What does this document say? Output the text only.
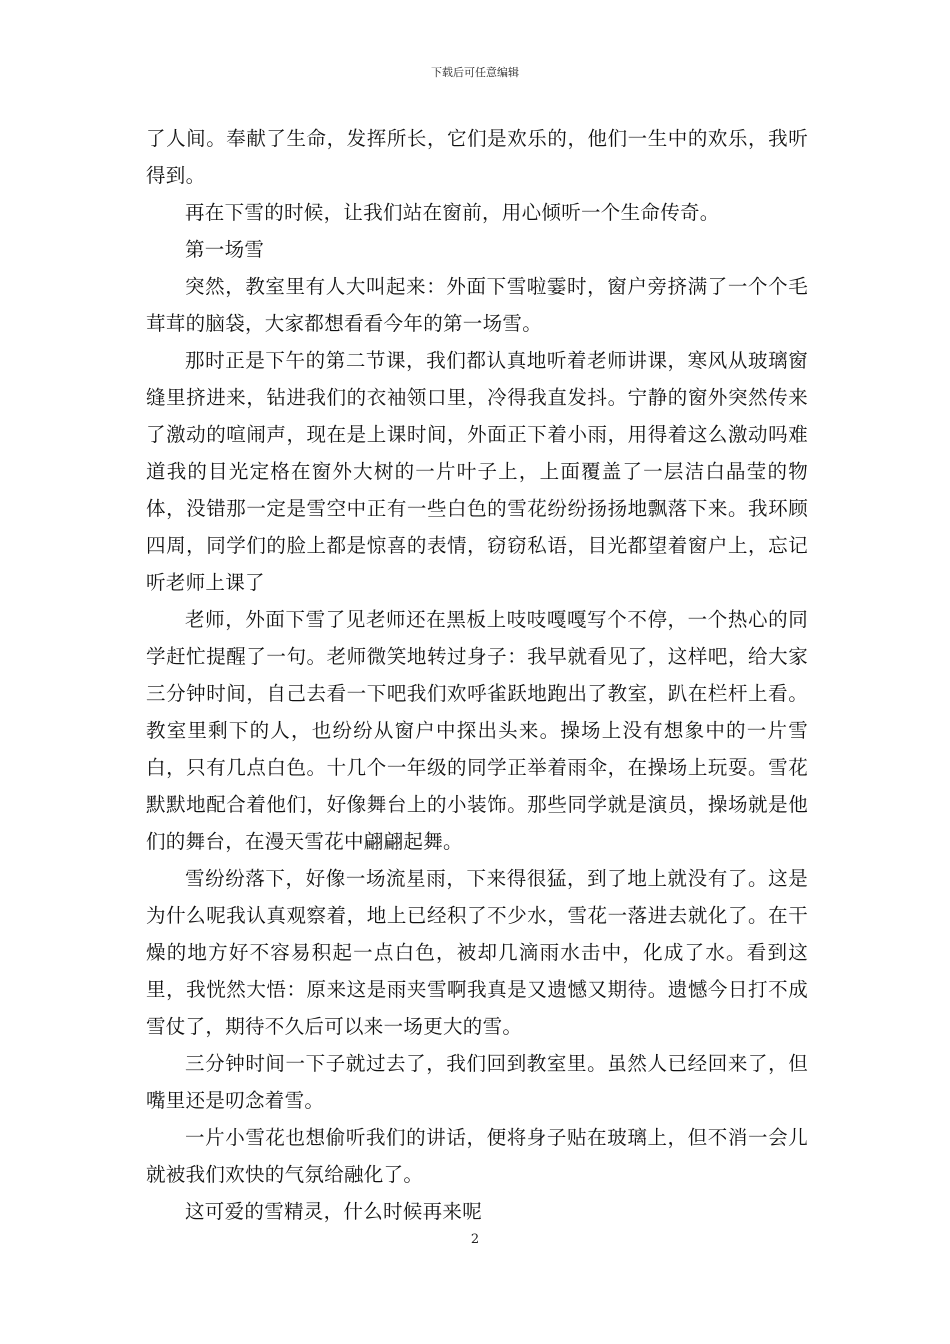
下载后可任意编辑

了人间。奉献了生命，发挥所长，它们是欢乐的，他们一生中的欢乐，我听得到。

再在下雪的时候，让我们站在窗前，用心倾听一个生命传奇。

第一场雪

突然，教室里有人大叫起来：外面下雪啦霎时，窗户旁挤满了一个个毛茸茸的脑袋，大家都想看看今年的第一场雪。

那时正是下午的第二节课，我们都认真地听着老师讲课，寒风从玻璃窗缝里挤进来，钻进我们的衣袖领口里，冷得我直发抖。宁静的窗外突然传来了激动的喧闹声，现在是上课时间，外面正下着小雨，用得着这么激动吗难道我的目光定格在窗外大树的一片叶子上，上面覆盖了一层洁白晶莹的物体，没错那一定是雪空中正有一些白色的雪花纷纷扬扬地飘落下来。我环顾四周，同学们的脸上都是惊喜的表情，窃窃私语，目光都望着窗户上，忘记听老师上课了

老师，外面下雪了见老师还在黑板上吱吱嘎嘎写个不停，一个热心的同学赶忙提醒了一句。老师微笑地转过身子：我早就看见了，这样吧，给大家三分钟时间，自己去看一下吧我们欢呼雀跃地跑出了教室，趴在栏杆上看。教室里剩下的人，也纷纷从窗户中探出头来。操场上没有想象中的一片雪白，只有几点白色。十几个一年级的同学正举着雨伞，在操场上玩耍。雪花默默地配合着他们，好像舞台上的小装饰。那些同学就是演员，操场就是他们的舞台，在漫天雪花中翩翩起舞。

雪纷纷落下，好像一场流星雨，下来得很猛，到了地上就没有了。这是为什么呢我认真观察着，地上已经积了不少水，雪花一落进去就化了。在干燥的地方好不容易积起一点白色，被却几滴雨水击中，化成了水。看到这里，我恍然大悟：原来这是雨夹雪啊我真是又遗憾又期待。遗憾今日打不成雪仗了，期待不久后可以来一场更大的雪。

三分钟时间一下子就过去了，我们回到教室里。虽然人已经回来了，但嘴里还是叨念着雪。

一片小雪花也想偷听我们的讲话，便将身子贴在玻璃上，但不消一会儿就被我们欢快的气氛给融化了。

这可爱的雪精灵，什么时候再来呢

2
